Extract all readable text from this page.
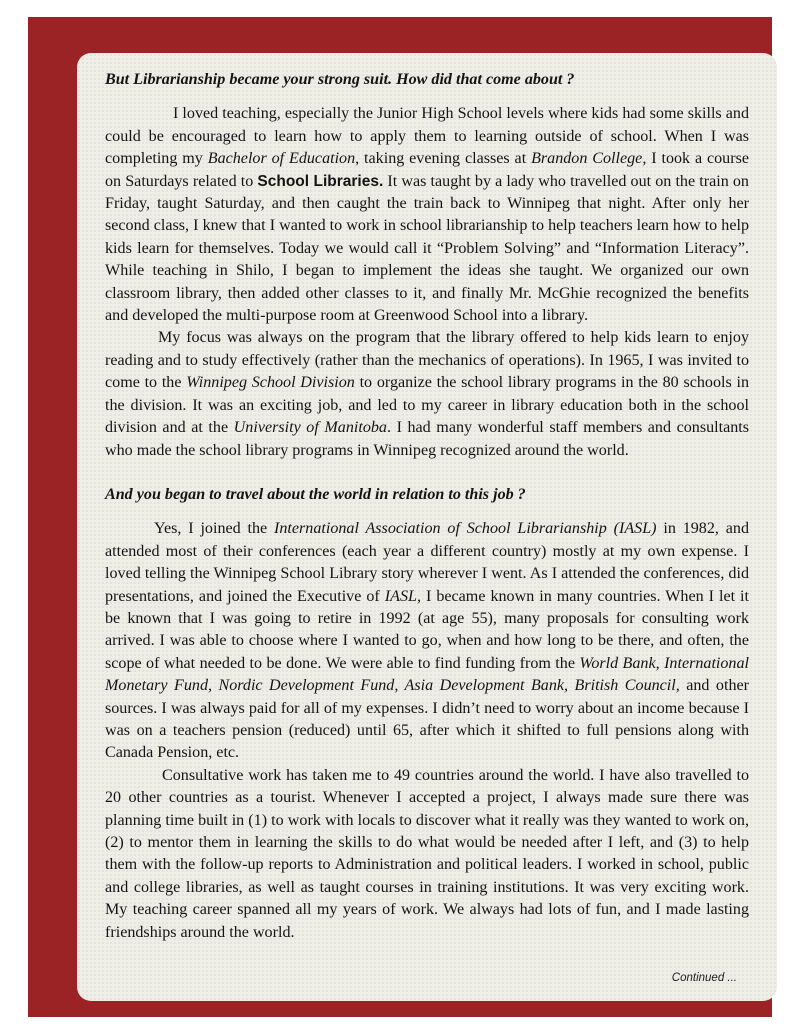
But Librarianship became your strong suit. How did that come about ?

I loved teaching, especially the Junior High School levels where kids had some skills and could be encouraged to learn how to apply them to learning outside of school. When I was completing my Bachelor of Education, taking evening classes at Brandon College, I took a course on Saturdays related to School Libraries. It was taught by a lady who travelled out on the train on Friday, taught Saturday, and then caught the train back to Winnipeg that night. After only her second class, I knew that I wanted to work in school librarianship to help teachers learn how to help kids learn for themselves. Today we would call it “Problem Solving” and “Information Literacy”. While teaching in Shilo, I began to implement the ideas she taught. We organized our own classroom library, then added other classes to it, and finally Mr. McGhie recognized the benefits and developed the multi-purpose room at Greenwood School into a library.

My focus was always on the program that the library offered to help kids learn to enjoy reading and to study effectively (rather than the mechanics of operations). In 1965, I was invited to come to the Winnipeg School Division to organize the school library programs in the 80 schools in the division. It was an exciting job, and led to my career in library education both in the school division and at the University of Manitoba. I had many wonderful staff members and consultants who made the school library programs in Winnipeg recognized around the world.

And you began to travel about the world in relation to this job ?

Yes, I joined the International Association of School Librarianship (IASL) in 1982, and attended most of their conferences (each year a different country) mostly at my own expense. I loved telling the Winnipeg School Library story wherever I went. As I attended the conferences, did presentations, and joined the Executive of IASL, I became known in many countries. When I let it be known that I was going to retire in 1992 (at age 55), many proposals for consulting work arrived. I was able to choose where I wanted to go, when and how long to be there, and often, the scope of what needed to be done. We were able to find funding from the World Bank, International Monetary Fund, Nordic Development Fund, Asia Development Bank, British Council, and other sources. I was always paid for all of my expenses. I didn’t need to worry about an income because I was on a teachers pension (reduced) until 65, after which it shifted to full pensions along with Canada Pension, etc.

Consultative work has taken me to 49 countries around the world. I have also travelled to 20 other countries as a tourist. Whenever I accepted a project, I always made sure there was planning time built in (1) to work with locals to discover what it really was they wanted to work on, (2) to mentor them in learning the skills to do what would be needed after I left, and (3) to help them with the follow-up reports to Administration and political leaders. I worked in school, public and college libraries, as well as taught courses in training institutions. It was very exciting work. My teaching career spanned all my years of work. We always had lots of fun, and I made lasting friendships around the world.

Continued ...
